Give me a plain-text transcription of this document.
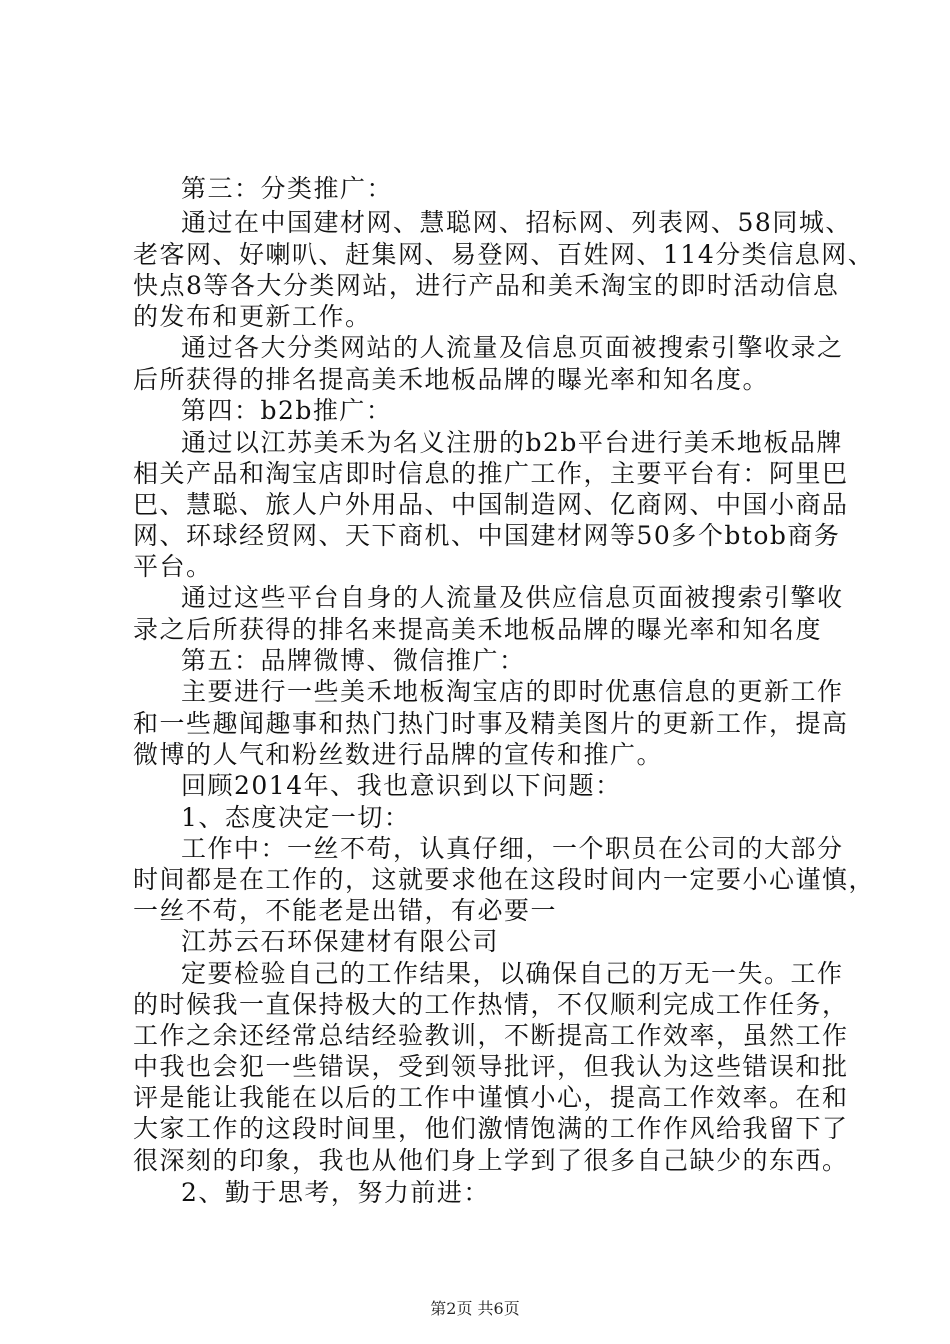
第三：分类推广：
通过在中国建材网、慧聪网、招标网、列表网、58同城、
老客网、好喇叭、赶集网、易登网、百姓网、114分类信息网、
快点8等各大分类网站，进行产品和美禾淘宝的即时活动信息
的发布和更新工作。
通过各大分类网站的人流量及信息页面被搜索引擎收录之
后所获得的排名提高美禾地板品牌的曝光率和知名度。
第四：b2b推广：
通过以江苏美禾为名义注册的b2b平台进行美禾地板品牌
相关产品和淘宝店即时信息的推广工作，主要平台有：阿里巴
巴、慧聪、旅人户外用品、中国制造网、亿商网、中国小商品
网、环球经贸网、天下商机、中国建材网等50多个btob商务
平台。
通过这些平台自身的人流量及供应信息页面被搜索引擎收
录之后所获得的排名来提高美禾地板品牌的曝光率和知名度
第五：品牌微博、微信推广：
主要进行一些美禾地板淘宝店的即时优惠信息的更新工作
和一些趣闻趣事和热门热门时事及精美图片的更新工作，提高
微博的人气和粉丝数进行品牌的宣传和推广。
回顾2014年、我也意识到以下问题：
1、态度决定一切：
工作中：一丝不苟，认真仔细，一个职员在公司的大部分
时间都是在工作的，这就要求他在这段时间内一定要小心谨慎，
一丝不苟，不能老是出错，有必要一
江苏云石环保建材有限公司
定要检验自己的工作结果，以确保自己的万无一失。工作
的时候我一直保持极大的工作热情，不仅顺利完成工作任务，
工作之余还经常总结经验教训，不断提高工作效率，虽然工作
中我也会犯一些错误，受到领导批评，但我认为这些错误和批
评是能让我能在以后的工作中谨慎小心，提高工作效率。在和
大家工作的这段时间里，他们激情饱满的工作作风给我留下了
很深刻的印象，我也从他们身上学到了很多自己缺少的东西。
2、勤于思考，努力前进：
第2页 共6页
